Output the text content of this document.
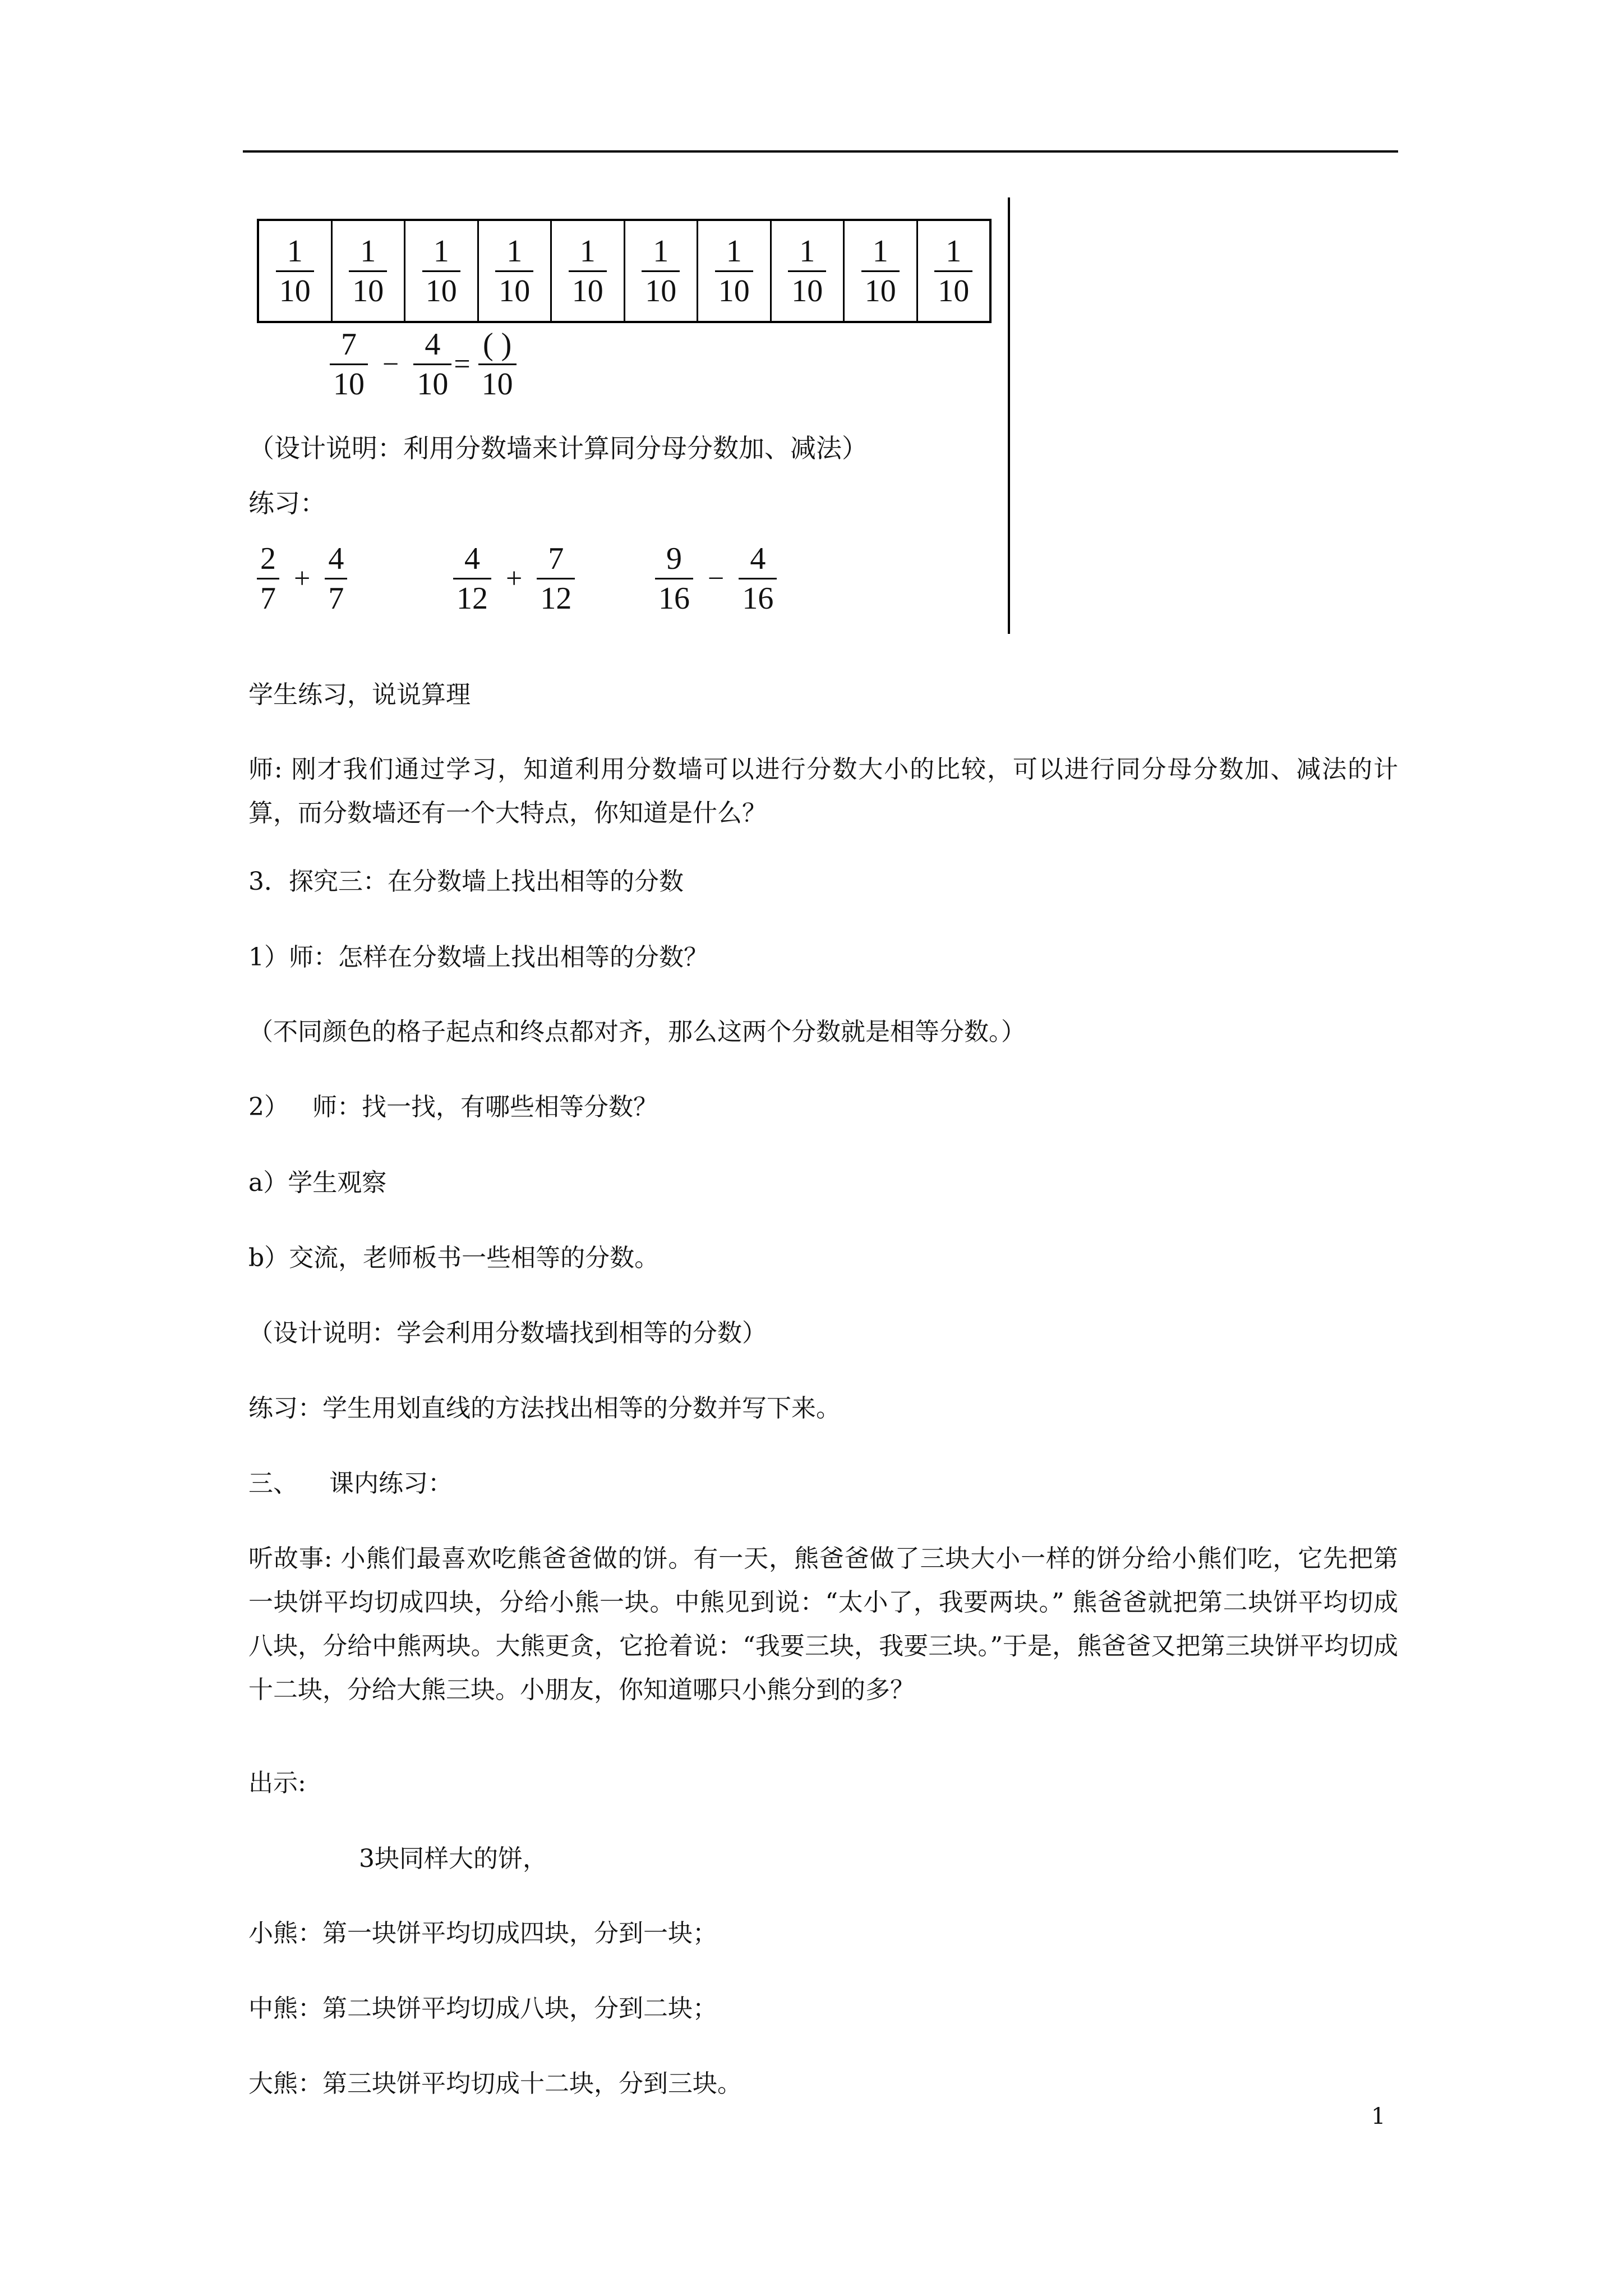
$\frac{1}{10} \frac{1}{10} \frac{1}{10} \frac{1}{10} \frac{1}{10} \frac{1}{10} \frac{1}{10} \frac{1}{10} \frac{1}{10} \frac{1}{10}$
$\frac{7}{10} - \frac{4}{10} = \frac{( )}{10}$
（设计说明：利用分数墙来计算同分母分数加、减法）
练习：
$\frac{2}{7} + \frac{4}{7}$	$\frac{4}{12} + \frac{7}{12}$	$\frac{9}{16} - \frac{4}{16}$
学生练习，说说算理
师: 刚才我们通过学习，知道利用分数墙可以进行分数大小的比较，可以进行同分母分数加、减法的计算，而分数墙还有一个大特点，你知道是什么？
3．探究三：在分数墙上找出相等的分数
1）师：怎样在分数墙上找出相等的分数？
（不同颜色的格子起点和终点都对齐，那么这两个分数就是相等分数。）
2）   师：找一找，有哪些相等分数？
a）学生观察
b）交流，老师板书一些相等的分数。
（设计说明：学会利用分数墙找到相等的分数）
练习：学生用划直线的方法找出相等的分数并写下来。
三、    课内练习：
听故事: 小熊们最喜欢吃熊爸爸做的饼。有一天，熊爸爸做了三块大小一样的饼分给小熊们吃，它先把第一块饼平均切成四块，分给小熊一块。中熊见到说：“太小了，我要两块。” 熊爸爸就把第二块饼平均切成八块，分给中熊两块。大熊更贪，它抢着说：“我要三块，我要三块。”于是，熊爸爸又把第三块饼平均切成十二块，分给大熊三块。小朋友，你知道哪只小熊分到的多？
出示:
3块同样大的饼，
小熊：第一块饼平均切成四块，分到一块；
中熊：第二块饼平均切成八块，分到二块；
大熊：第三块饼平均切成十二块，分到三块。
1
